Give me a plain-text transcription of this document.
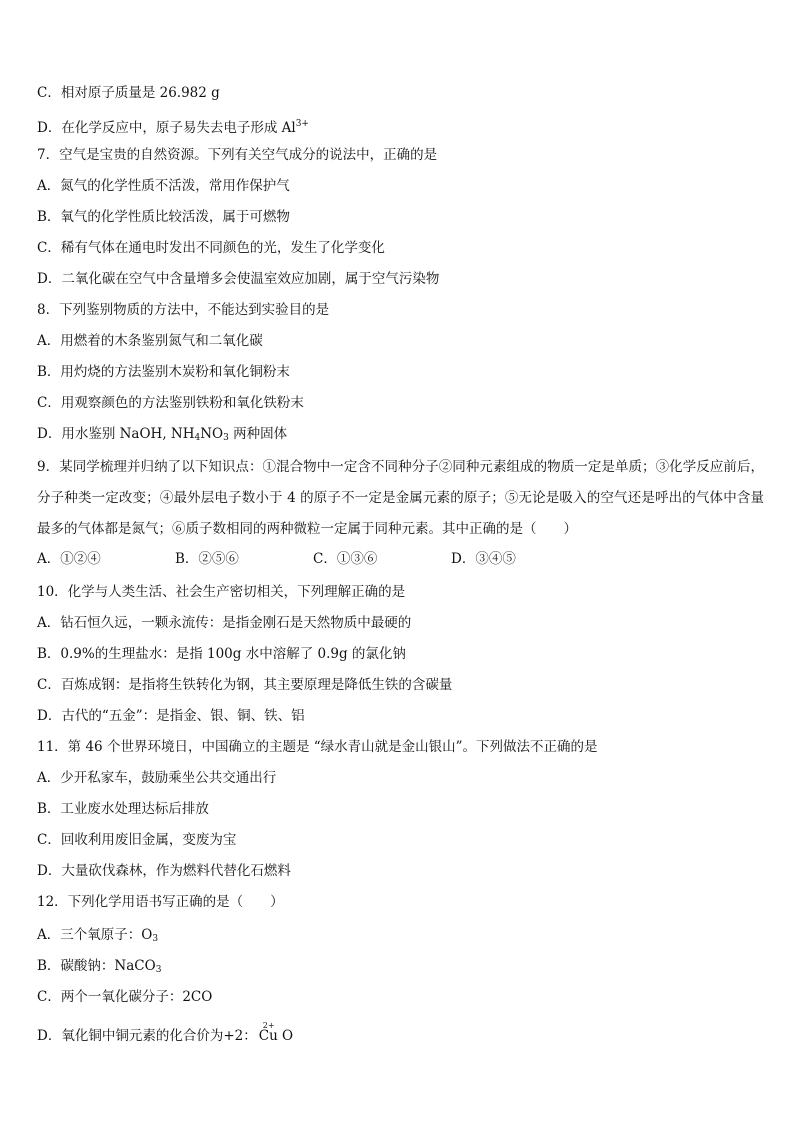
C．相对原子质量是 26.982 g
D．在化学反应中，原子易失去电子形成 $Al^{3+}$
7．空气是宝贵的自然资源。下列有关空气成分的说法中，正确的是
A．氮气的化学性质不活泼，常用作保护气
B．氧气的化学性质比较活泼，属于可燃物
C．稀有气体在通电时发出不同颜色的光，发生了化学变化
D．二氧化碳在空气中含量增多会使温室效应加剧，属于空气污染物
8．下列鉴别物质的方法中，不能达到实验目的是
A．用燃着的木条鉴别氮气和二氧化碳
B．用灼烧的方法鉴别木炭粉和氧化铜粉末
C．用观察颜色的方法鉴别铁粉和氧化铁粉末
D．用水鉴别 NaOH, $NH_4NO_3$ 两种固体
9．某同学梳理并归纳了以下知识点：①混合物中一定含不同种分子②同种元素组成的物质一定是单质；③化学反应前后，分子种类一定改变；④最外层电子数小于 4 的原子不一定是金属元素的原子；⑤无论是吸入的空气还是呼出的气体中含量最多的气体都是氮气；⑥质子数相同的两种微粒一定属于同种元素。其中正确的是（　　）
A．①②④	B．②⑤⑥	C．①③⑥	D．③④⑤
10．化学与人类生活、社会生产密切相关，下列理解正确的是
A．钻石恒久远，一颗永流传：是指金刚石是天然物质中最硬的
B．0.9%的生理盐水：是指 100g 水中溶解了 0.9g 的氯化钠
C．百炼成钢：是指将生铁转化为钢，其主要原理是降低生铁的含碳量
D．古代的“五金”：是指金、银、铜、铁、铝
11．第 46 个世界环境日，中国确立的主题是 “绿水青山就是金山银山”。下列做法不正确的是
A．少开私家车，鼓励乘坐公共交通出行
B．工业废水处理达标后排放
C．回收利用废旧金属，变废为宝
D．大量砍伐森林，作为燃料代替化石燃料
12．下列化学用语书写正确的是（　　）
A．三个氧原子：$O_3$
B．碳酸钠：NaCO$_3$
C．两个一氧化碳分子：2CO
D．氧化铜中铜元素的化合价为+2：
2+
Cu O
